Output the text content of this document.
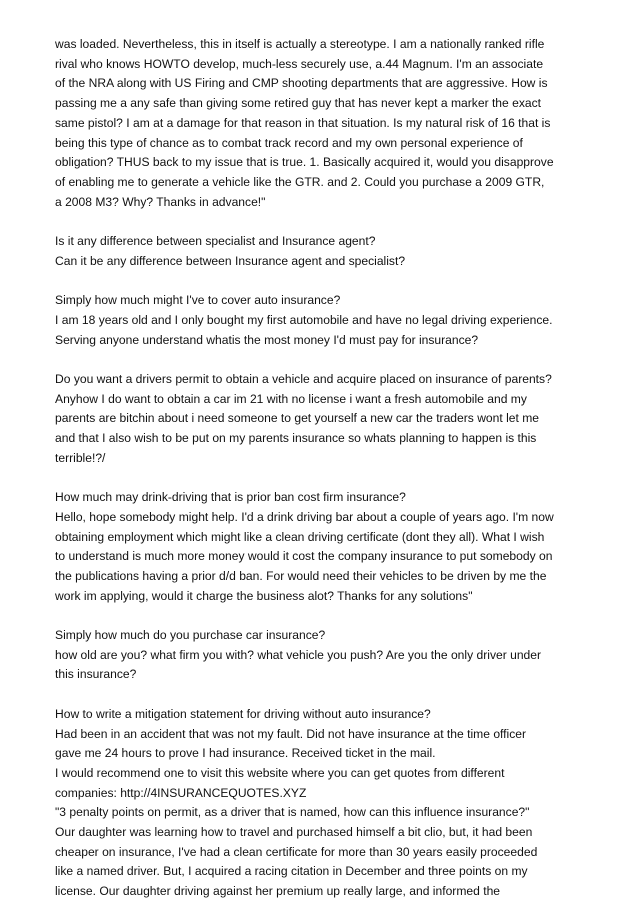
was loaded. Nevertheless, this in itself is actually a stereotype. I am a nationally ranked rifle
rival who knows HOWTO develop, much-less securely use, a.44 Magnum. I'm an associate
of the NRA along with US Firing and CMP shooting departments that are aggressive. How is
passing me a any safe than giving some retired guy that has never kept a marker the exact
same pistol? I am at a damage for that reason in that situation. Is my natural risk of 16 that is
being this type of chance as to combat track record and my own personal experience of
obligation? THUS back to my issue that is true. 1. Basically acquired it, would you disapprove
of enabling me to generate a vehicle like the GTR. and 2. Could you purchase a 2009 GTR,
a 2008 M3? Why? Thanks in advance!"
Is it any difference between specialist and Insurance agent?
Can it be any difference between Insurance agent and specialist?
Simply how much might I've to cover auto insurance?
I am 18 years old and I only bought my first automobile and have no legal driving experience.
Serving anyone understand whatis the most money I'd must pay for insurance?
Do you want a drivers permit to obtain a vehicle and acquire placed on insurance of parents?
Anyhow I do want to obtain a car im 21 with no license i want a fresh automobile and my
parents are bitchin about i need someone to get yourself a new car the traders wont let me
and that I also wish to be put on my parents insurance so whats planning to happen is this
terrible!?/
How much may drink-driving that is prior ban cost firm insurance?
Hello, hope somebody might help. I'd a drink driving bar about a couple of years ago. I'm now
obtaining employment which might like a clean driving certificate (dont they all). What I wish
to understand is much more money would it cost the company insurance to put somebody on
the publications having a prior d/d ban. For would need their vehicles to be driven by me the
work im applying, would it charge the business alot? Thanks for any solutions"
Simply how much do you purchase car insurance?
how old are you? what firm you with? what vehicle you push? Are you the only driver under
this insurance?
How to write a mitigation statement for driving without auto insurance?
Had been in an accident that was not my fault. Did not have insurance at the time officer
gave me 24 hours to prove I had insurance. Received ticket in the mail.
I would recommend one to visit this website where you can get quotes from different
companies: http://4INSURANCEQUOTES.XYZ
"3 penalty points on permit, as a driver that is named, how can this influence insurance?"
Our daughter was learning how to travel and purchased himself a bit clio, but, it had been
cheaper on insurance, I've had a clean certificate for more than 30 years easily proceeded
like a named driver. But, I acquired a racing citation in December and three points on my
license. Our daughter driving against her premium up really large, and informed the
